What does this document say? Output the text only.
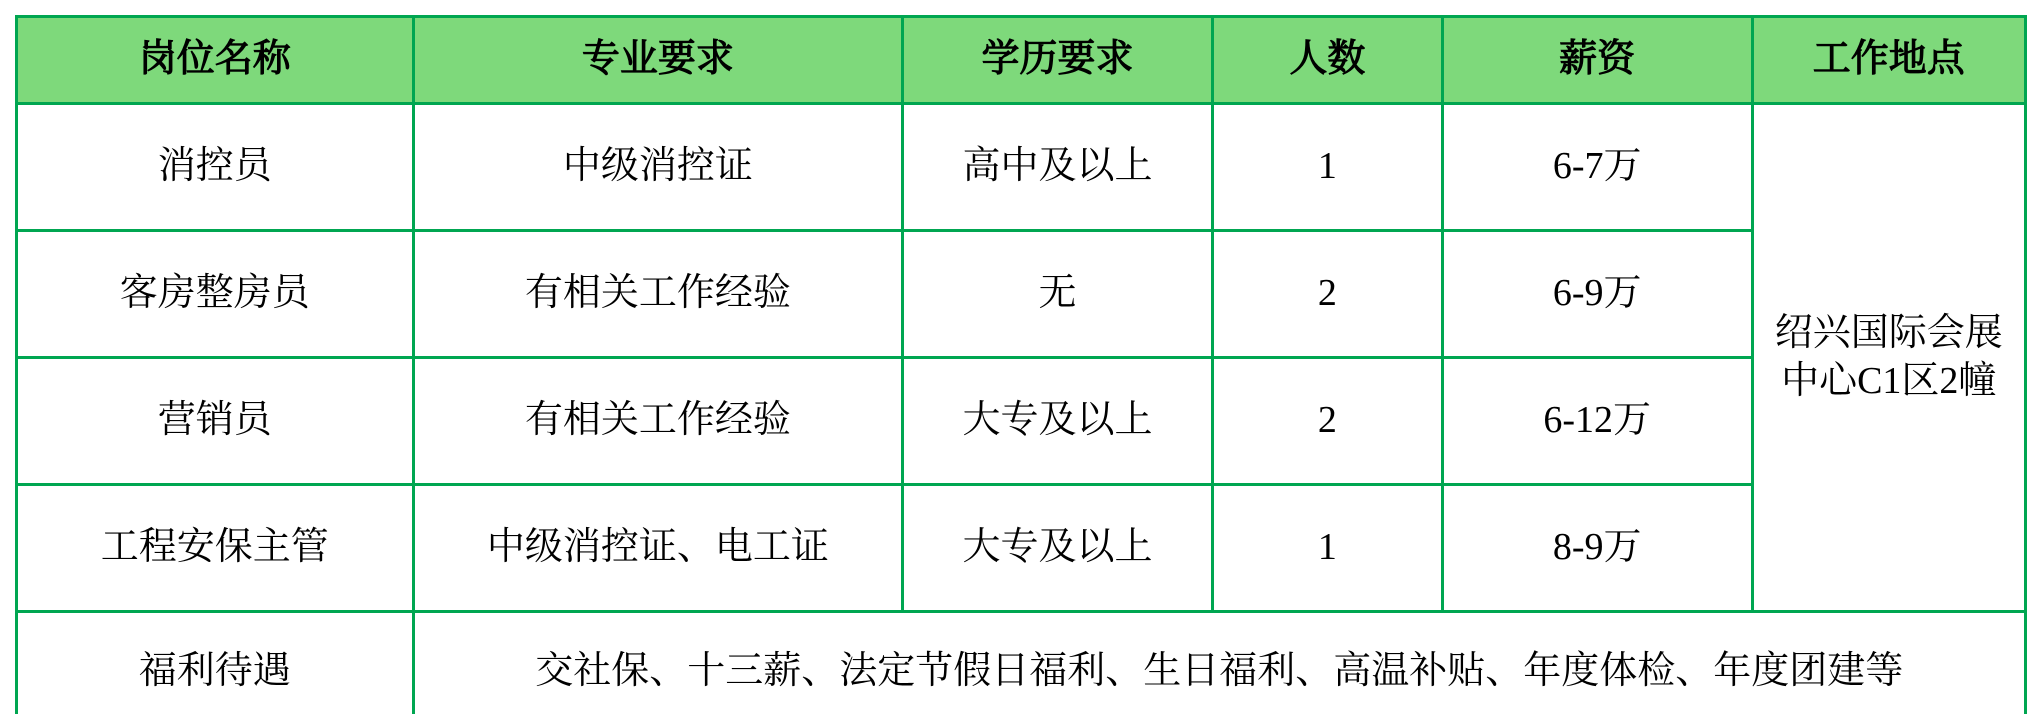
岗位名称	专业要求	学历要求	人数	薪资	工作地点
消控员	中级消控证	高中及以上	1	6-7万	绍兴国际会展中心C1区2幢
客房整房员	有相关工作经验	无	2	6-9万	
营销员	有相关工作经验	大专及以上	2	6-12万	
工程安保主管	中级消控证、电工证	大专及以上	1	8-9万	
福利待遇	交社保、十三薪、法定节假日福利、生日福利、高温补贴、年度体检、年度团建等				
